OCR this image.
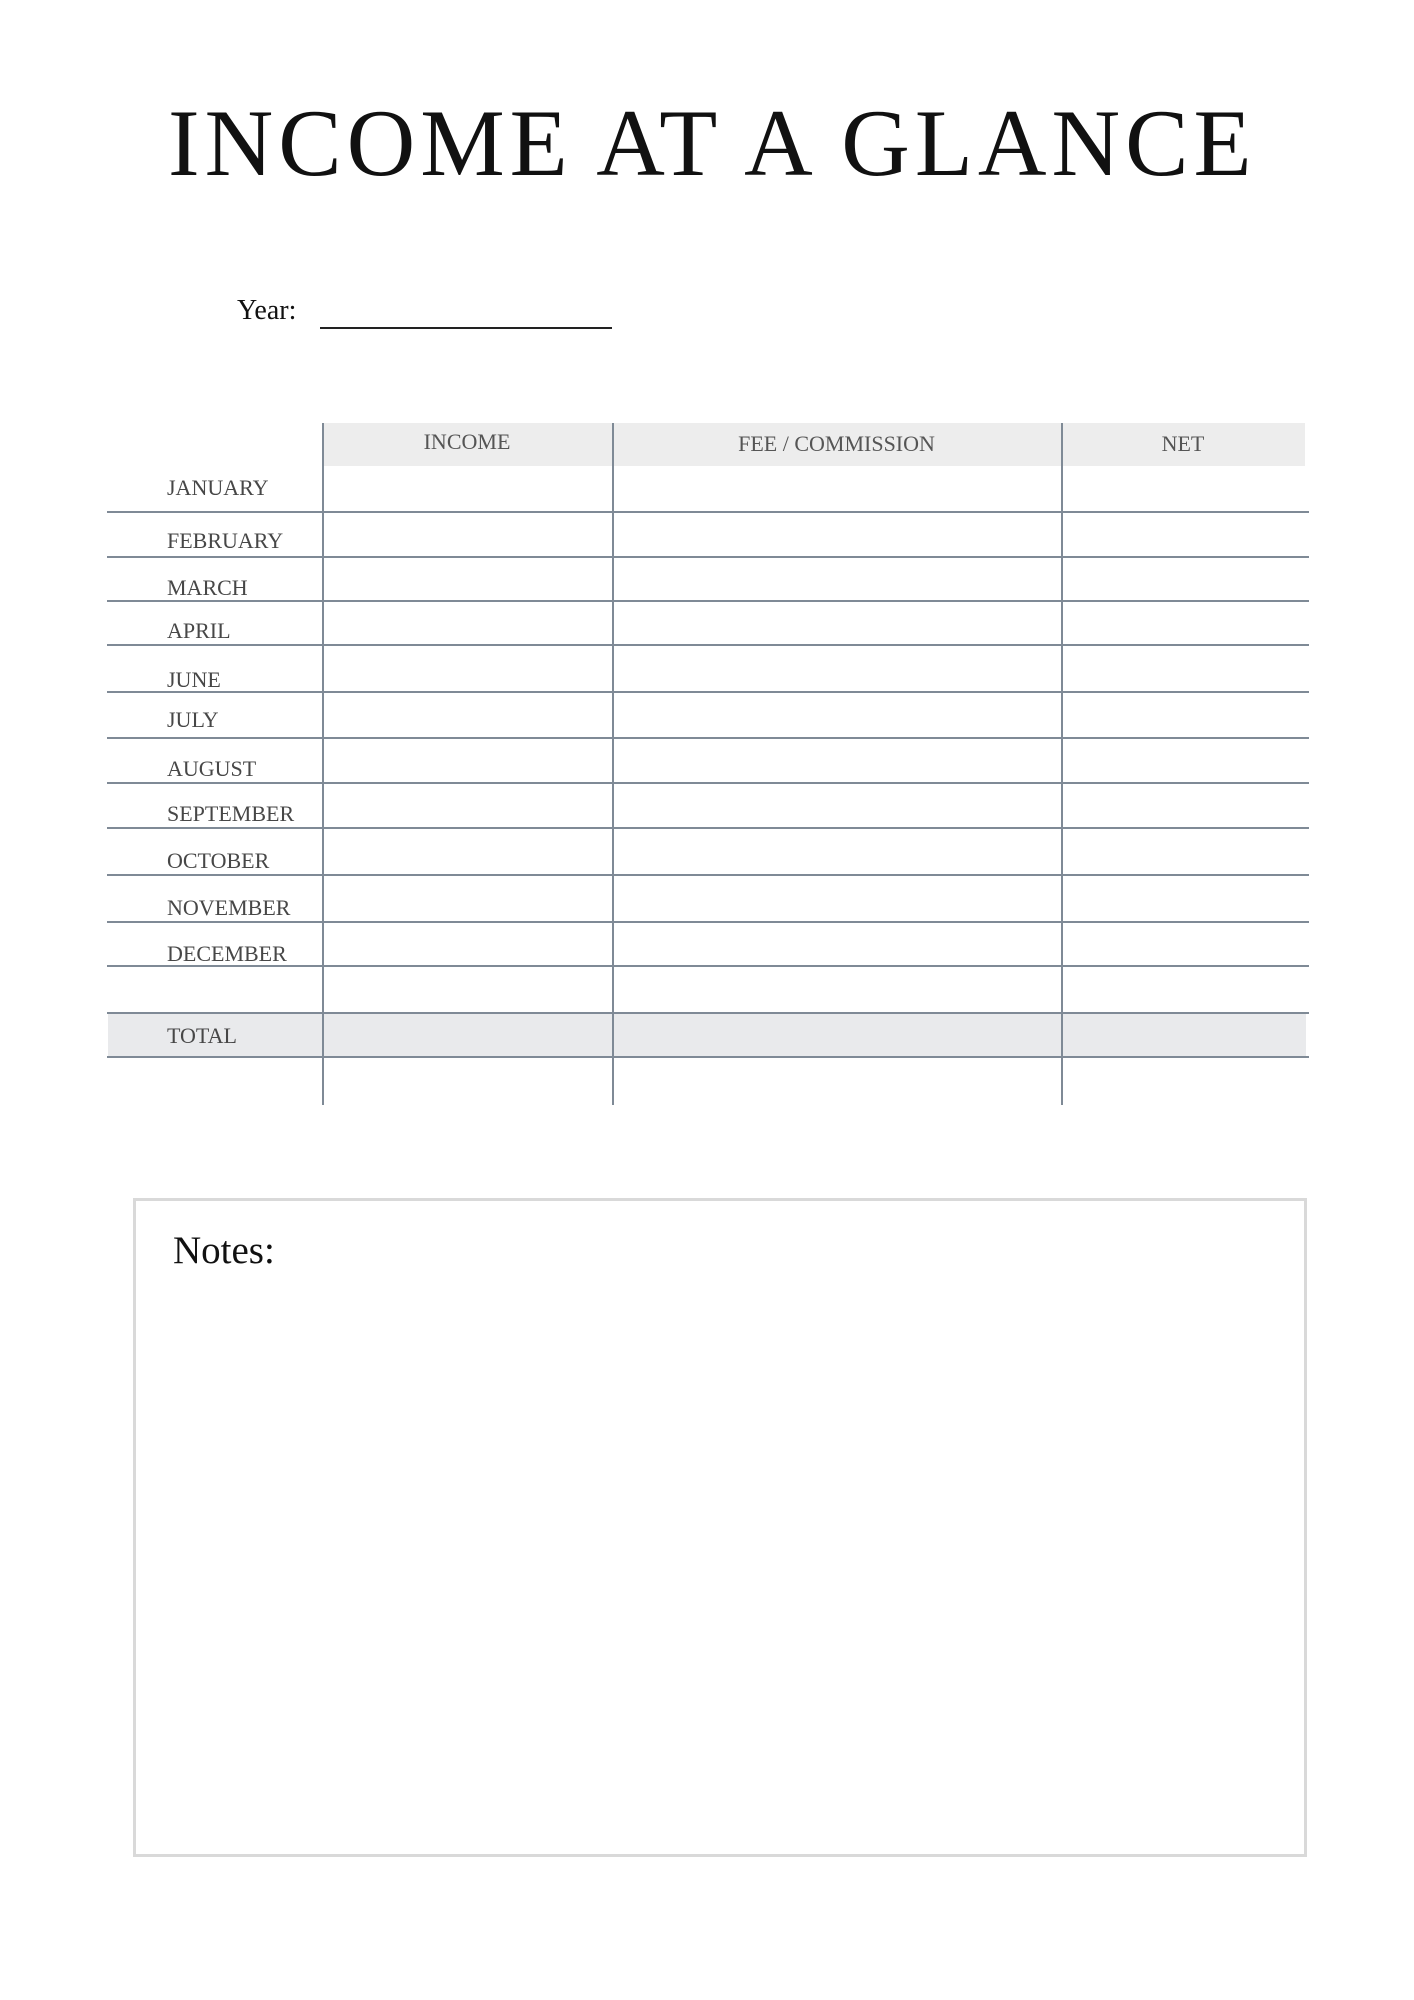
INCOME AT A GLANCE
Year:
INCOME	FEE / COMMISSION	NET
JANUARY
FEBRUARY
MARCH
APRIL
JUNE
JULY
AUGUST
SEPTEMBER
OCTOBER
NOVEMBER
DECEMBER
TOTAL
Notes:
